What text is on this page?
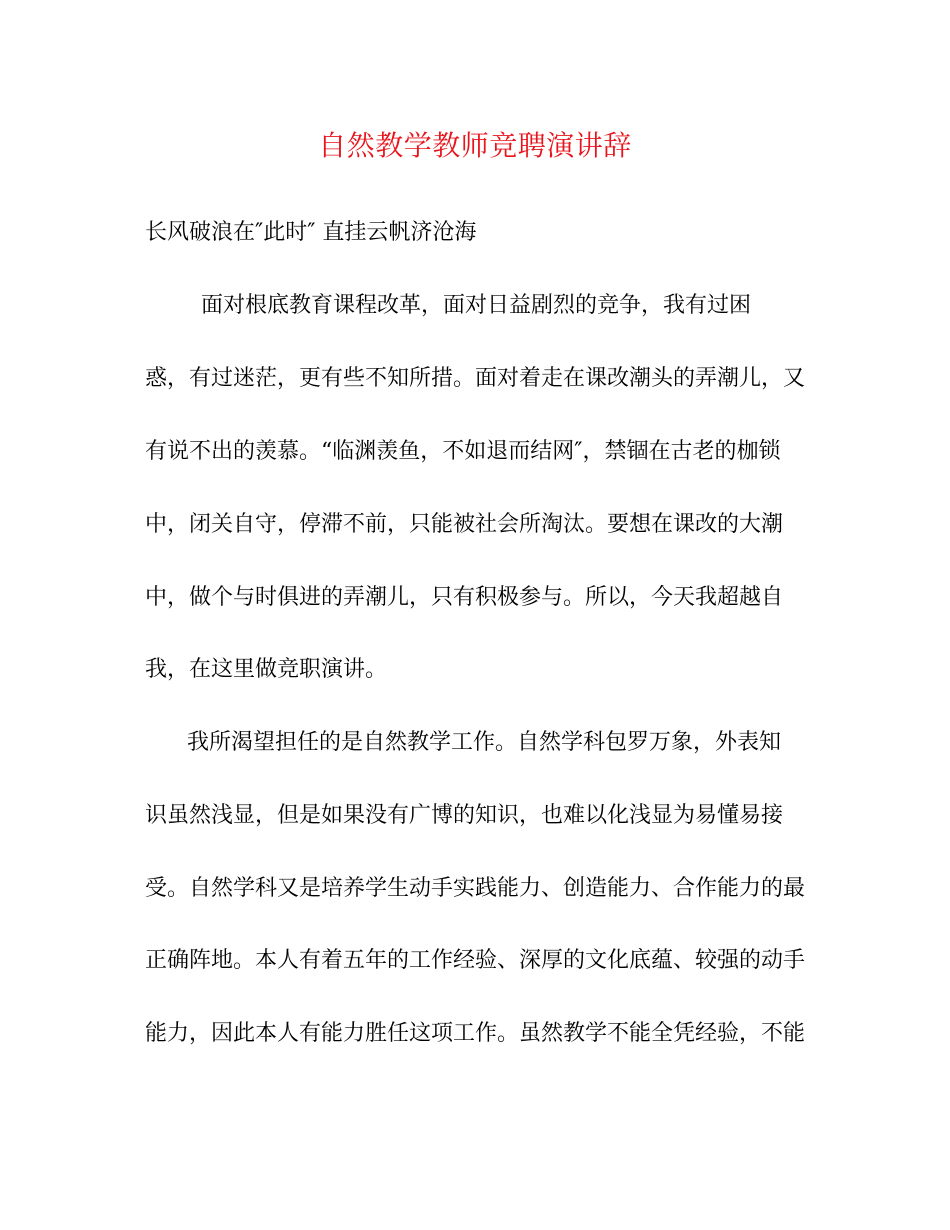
自然教学教师竞聘演讲辞
长风破浪在″此时″ 直挂云帆济沧海
面对根底教育课程改革，面对日益剧烈的竞争，我有过困
惑，有过迷茫，更有些不知所措。面对着走在课改潮头的弄潮儿，又
有说不出的羡慕。“临渊羡鱼，不如退而结网″，禁锢在古老的枷锁
中，闭关自守，停滞不前，只能被社会所淘汰。要想在课改的大潮
中，做个与时俱进的弄潮儿，只有积极参与。所以，今天我超越自
我，在这里做竞职演讲。
我所渴望担任的是自然教学工作。自然学科包罗万象，外表知
识虽然浅显，但是如果没有广博的知识，也难以化浅显为易懂易接
受。自然学科又是培养学生动手实践能力、创造能力、合作能力的最
正确阵地。本人有着五年的工作经验、深厚的文化底蕴、较强的动手
能力，因此本人有能力胜任这项工作。虽然教学不能全凭经验，不能
